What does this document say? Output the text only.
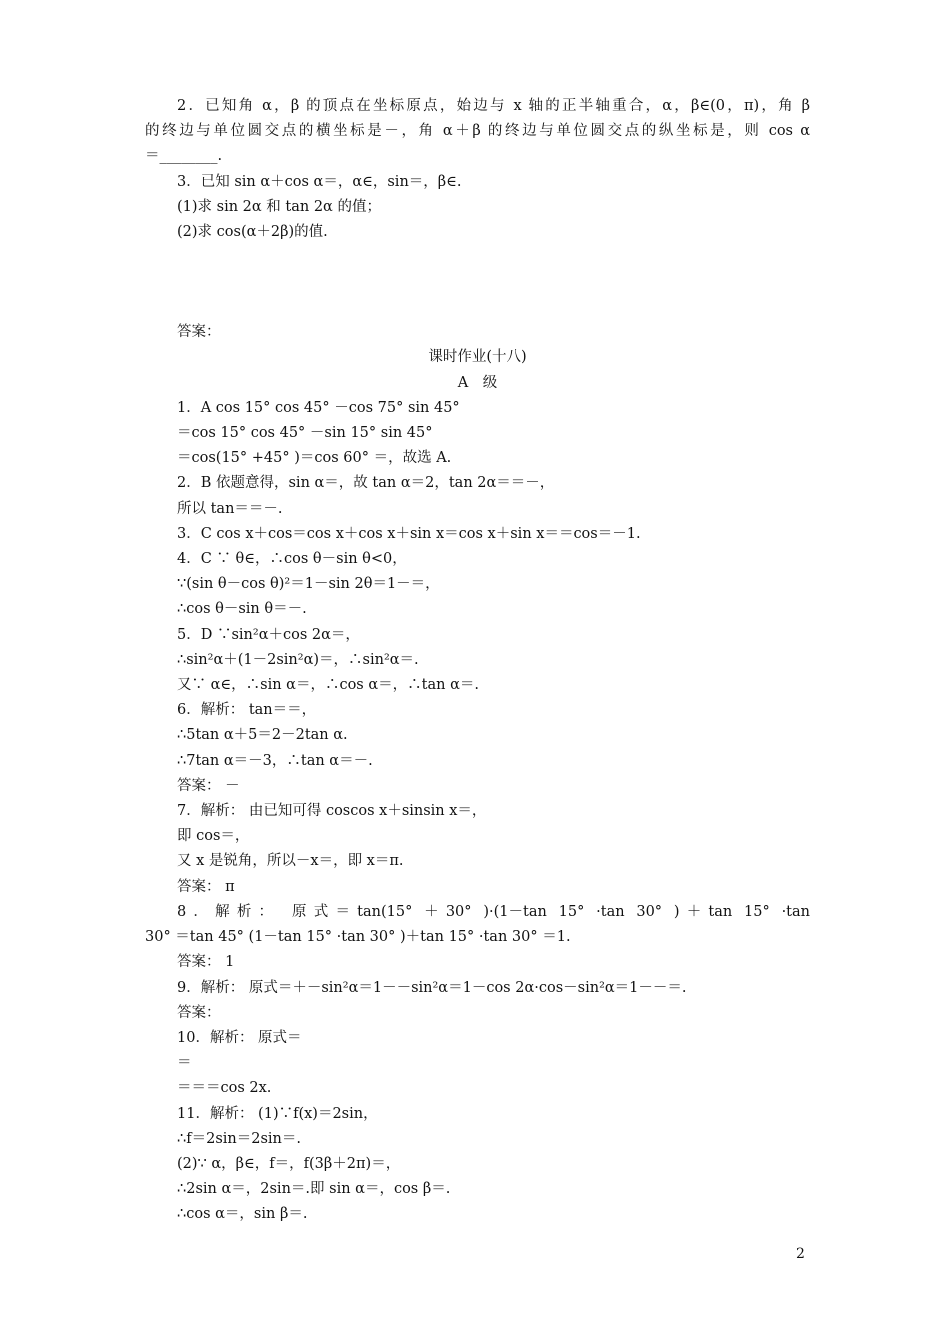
2．已知角 α，β 的顶点在坐标原点，始边与 x 轴的正半轴重合，α，β∈(0，π)，角 β
的终边与单位圆交点的横坐标是－，角 α＋β 的终边与单位圆交点的纵坐标是，则 cos α
＝________.
3．已知 sin α＋cos α＝，α∈，sin＝，β∈.
(1)求 sin 2α 和 tan 2α 的值；
(2)求 cos(α＋2β)的值.
答案：
课时作业(十八)
A　级
1．A cos 15° cos 45° －cos 75° sin 45°
＝cos 15° cos 45° －sin 15° sin 45°
＝cos(15° +45° )＝cos 60° ＝，故选 A.
2．B 依题意得，sin α＝，故 tan α＝2，tan 2α＝＝－，
所以 tan＝＝－.
3．C cos x＋cos＝cos x＋cos x＋sin x＝cos x＋sin x＝＝cos＝－1.
4．C ∵ θ∈，∴cos θ－sin θ<0，
∵(sin θ－cos θ)²＝1－sin 2θ＝1－＝，
∴cos θ－sin θ＝－.
5．D ∵sin²α＋cos 2α＝，
∴sin²α＋(1－2sin²α)＝，∴sin²α＝.
又∵ α∈，∴sin α＝，∴cos α＝，∴tan α＝.
6．解析： tan＝＝，
∴5tan α＋5＝2－2tan α.
∴7tan α＝－3，∴tan α＝－.
答案： －
7．解析： 由已知可得 coscos x＋sinsin x＝，
即 cos＝，
又 x 是锐角，所以－x＝，即 x＝π.
答案： π
8．解析： 原式＝tan(15° ＋30° )·(1－tan 15° ·tan 30° )＋tan 15° ·tan
30° ＝tan 45° (1－tan 15° ·tan 30° )＋tan 15° ·tan 30° ＝1.
答案： 1
9．解析： 原式＝＋－sin²α＝1－－sin²α＝1－cos 2α·cos－sin²α＝1－－＝.
答案：
10．解析： 原式＝
＝
＝＝＝cos 2x.
11．解析： (1)∵f(x)＝2sin，
∴f＝2sin＝2sin＝.
(2)∵ α，β∈，f＝，f(3β＋2π)＝，
∴2sin α＝，2sin＝.即 sin α＝，cos β＝.
∴cos α＝，sin β＝.
2
